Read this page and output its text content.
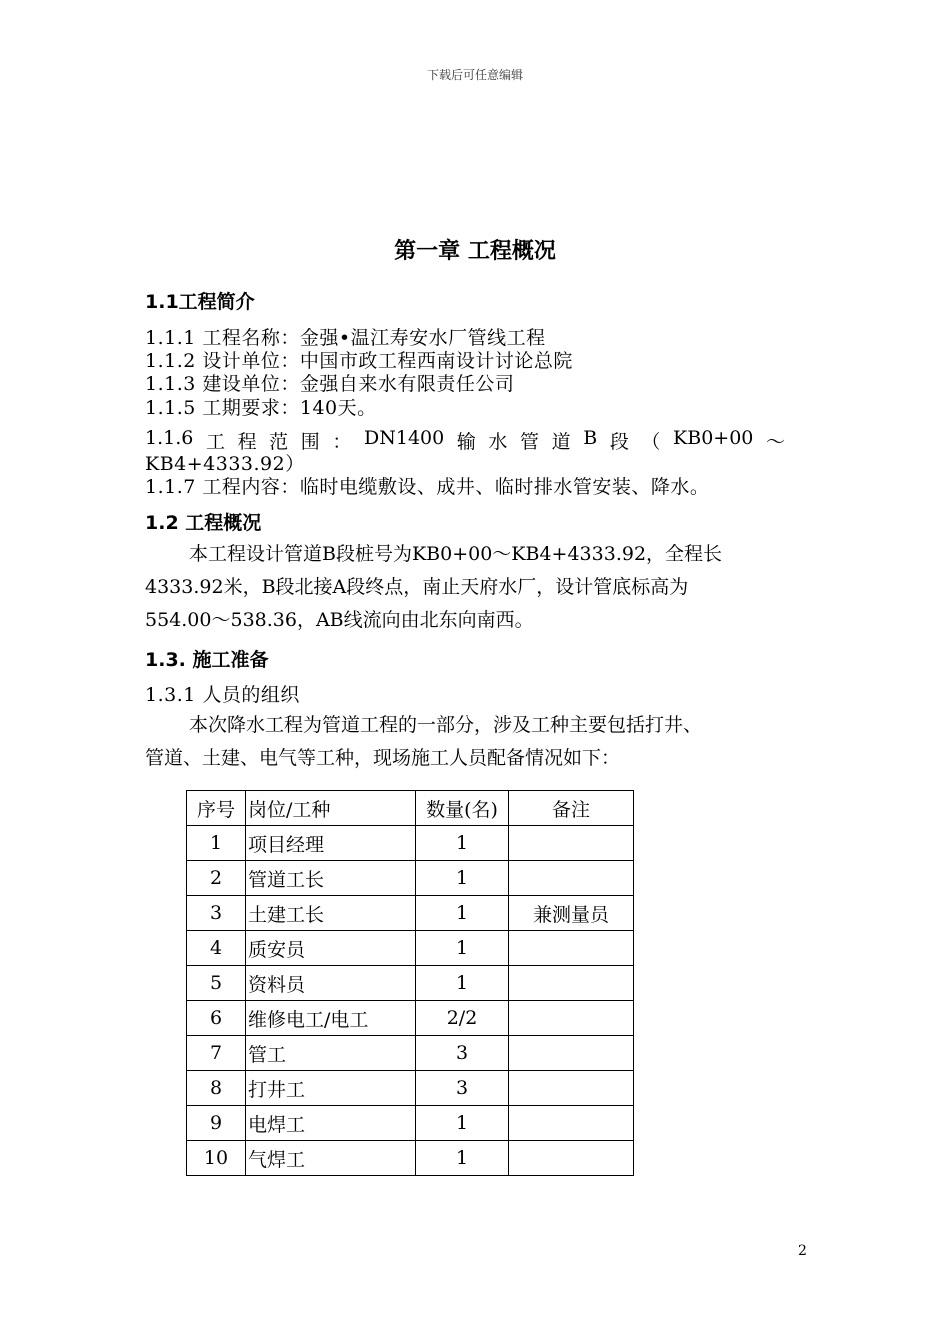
下载后可任意编辑
第一章 工程概况
1.1工程简介
1.1.1 工程名称：金强•温江寿安水厂管线工程
1.1.2 设计单位：中国市政工程西南设计讨论总院
1.1.3 建设单位：金强自来水有限责任公司
1.1.5 工期要求：140天。
1.1.6 工 程 范 围 ： DN1400 输 水 管 道 B 段 （ KB0+00 ～
KB4+4333.92）
1.1.7 工程内容：临时电缆敷设、成井、临时排水管安装、降水。
1.2 工程概况
本工程设计管道B段桩号为KB0+00～KB4+4333.92，全程长
4333.92米，B段北接A段终点，南止天府水厂，设计管底标高为
554.00～538.36，AB线流向由北东向南西。
1.3. 施工准备
1.3.1 人员的组织
本次降水工程为管道工程的一部分，涉及工种主要包括打井、
管道、土建、电气等工种，现场施工人员配备情况如下：
序号	岗位/工种	数量(名)	备注
1	项目经理	1	
2	管道工长	1	
3	土建工长	1	兼测量员
4	质安员	1	
5	资料员	1	
6	维修电工/电工	2/2	
7	管工	3	
8	打井工	3	
9	电焊工	1	
10	气焊工	1	
2
